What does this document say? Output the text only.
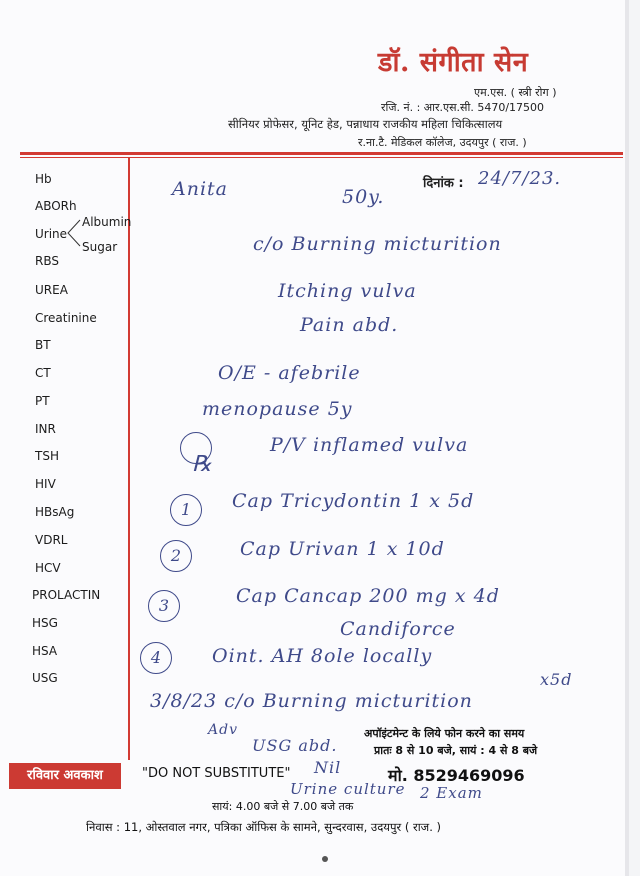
डॉ. संगीता सेन
एम.एस. ( स्त्री रोग )
रजि. नं. : आर.एस.सी. 5470/17500
सीनियर प्रोफेसर, यूनिट हेड, पन्नाधाय राजकीय महिला चिकित्सालय
र.ना.टै. मेडिकल कॉलेज, उदयपुर ( राज. )
Hb
ABORh
Urine
Albumin
Sugar
RBS
UREA
Creatinine
BT
CT
PT
INR
TSH
HIV
HBsAg
VDRL
HCV
PROLACTIN
HSG
HSA
USG
दिनांक : 24/7/23.
Anita	50y.
c/o Burning micturition
Itching vulva
Pain abd.
O/E - afebrile
menopause 5y
℞
P/V inflamed vulva
1	Cap Tricydontin 1 x 5d
2	Cap Urivan 1 x 10d
3	Cap Cancap 200 mg x 4d
Candiforce
4	Oint. AH 8ole locally
x5d
3/8/23 c/o Burning micturition
Adv
USG abd.
Nil
Urine culture 2 Exam
अपॉइंटमेन्ट के लिये फोन करने का समय
प्रातः 8 से 10 बजे, सायं : 4 से 8 बजे
मो. 8529469096
रविवार अवकाश	"DO NOT SUBSTITUTE"
सायं: 4.00 बजे से 7.00 बजे तक
निवास : 11, ओस्तवाल नगर, पत्रिका ऑफिस के सामने, सुन्दरवास, उदयपुर ( राज. )
